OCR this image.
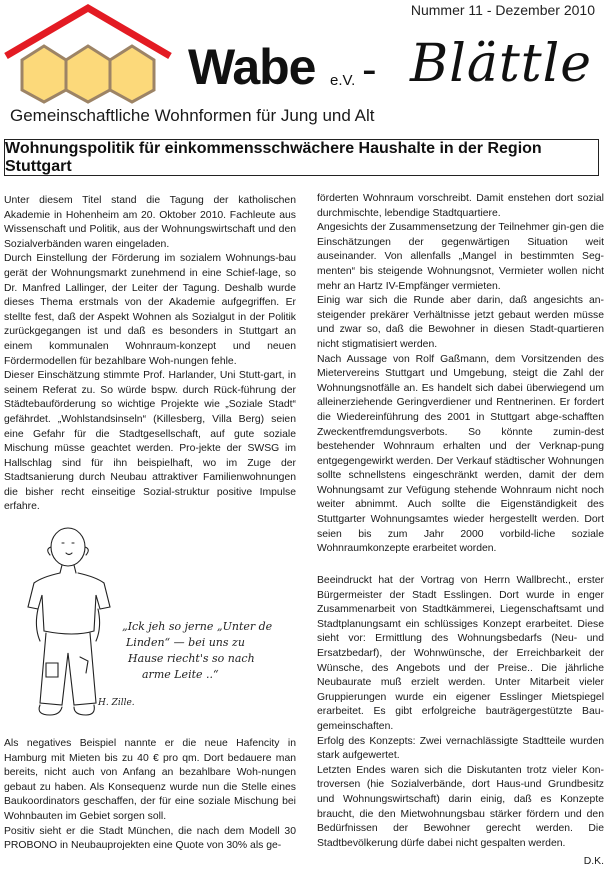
Nummer 11 - Dezember 2010
Wabe e.V. - Blättle
Gemeinschaftliche Wohnformen für Jung und Alt
Wohnungspolitik für einkommensschwächere Haushalte in der Region Stuttgart

Unter diesem Titel stand die Tagung der katholischen Akademie in Hohenheim am 20. Oktober 2010. Fachleute aus Wissenschaft und Politik, aus der Wohnungswirtschaft und den Sozialverbänden waren eingeladen.

Durch Einstellung der Förderung im sozialem Wohnungs-bau gerät der Wohnungsmarkt zunehmend in eine Schief-lage, so Dr. Manfred Lallinger, der Leiter der Tagung. Deshalb wurde dieses Thema erstmals von der Akademie aufgegriffen. Er stellte fest, daß der Aspekt Wohnen als Sozialgut in der Politik zurückgegangen ist und daß es besonders in Stuttgart an einem kommunalen Wohnraum-konzept und neuen Fördermodellen für bezahlbare Woh-nungen fehle.

Dieser Einschätzung stimmte Prof. Harlander, Uni Stutt-gart, in seinem Referat zu. So würde bspw. durch Rück-führung der Städtebauförderung so wichtige Projekte wie „Soziale Stadt“ gefährdet. „Wohlstandsinseln“ (Killesberg, Villa Berg) seien eine Gefahr für die Stadtgesellschaft, auf gute soziale Mischung müsse geachtet werden. Pro-jekte der SWSG im Hallschlag sind für ihn beispielhaft, wo im Zuge der Stadtsanierung durch Neubau attraktiver Familienwohnungen die bisher recht einseitige Sozial-struktur positive Impulse erfahre.

„Ick jeh so jerne „Unter de
Linden“ — bei uns zu
Hause riecht's so nach
arme Leite ..“
H. Zille.

Als negatives Beispiel nannte er die neue Hafencity in Hamburg mit Mieten bis zu 40 € pro qm. Dort bedauere man bereits, nicht auch von Anfang an bezahlbare Woh-nungen gebaut zu haben. Als Konsequenz wurde nun die Stelle eines Baukoordinators geschaffen, der für eine soziale Mischung bei Wohnbauten im Gebiet sorgen soll.

Positiv sieht er die Stadt München, die nach dem Modell 30 PROBONO in Neubauprojekten eine Quote von 30% als ge-

förderten Wohnraum vorschreibt. Damit enstehen dort sozial durchmischte, lebendige Stadtquartiere.

Angesichts der Zusammensetzung der Teilnehmer gin-gen die Einschätzungen der gegenwärtigen Situation weit auseinander. Von allenfalls „Mangel in bestimmten Seg-menten“ bis steigende Wohnungsnot, Vermieter wollen nicht mehr an Hartz IV-Empfänger vermieten.

Einig war sich die Runde aber darin, daß angesichts an-steigender prekärer Verhältnisse jetzt gebaut werden müsse und zwar so, daß die Bewohner in diesen Stadt-quartieren nicht stigmatisiert werden.

Nach Aussage von Rolf Gaßmann, dem Vorsitzenden des Mietervereins Stuttgart und Umgebung, steigt die Zahl der Wohnungsnotfälle an. Es handelt sich dabei überwiegend um alleinerziehende Geringverdiener und Rentnerinen. Er fordert die Wiedereinführung des 2001 in Stuttgart abge-schafften Zweckentfremdungsverbots. So könnte zumin-dest bestehender Wohnraum erhalten und der Verknap-pung entgegengewirkt werden. Der Verkauf städtischer Wohnungen sollte schnellstens eingeschränkt werden, damit der dem Wohnungsamt zur Vefügung stehende Wohnraum nicht noch weiter abnimmt. Auch sollte die Eigenständigkeit des Stuttgarter Wohnungsamtes wieder hergestellt werden. Dort seien bis zum Jahr 2000 vorbild-liche soziale Wohnraumkonzepte erarbeitet worden.

Beeindruckt hat der Vortrag von Herrn Wallbrecht., erster Bürgermeister der Stadt Esslingen. Dort wurde in enger Zusammenarbeit von Stadtkämmerei, Liegenschaftsamt und Stadtplanungsamt ein schlüssiges Konzept erarbeitet. Diese sieht vor: Ermittlung des Wohnungsbedarfs (Neu- und Ersatzbedarf), der Wohnwünsche, der Erreichbarkeit der Wünsche, des Angebots und der Preise.. Die jährliche Neubaurate muß erzielt werden. Unter Mitarbeit vieler Gruppierungen wurde ein eigener Esslinger Mietspiegel erarbeitet. Es gibt erfolgreiche bauträgergestützte Bau-gemeinschaften.

Erfolg des Konzepts: Zwei vernachlässigte Stadtteile wurden stark aufgewertet.

Letzten Endes waren sich die Diskutanten trotz vieler Kon-troversen (hie Sozialverbände, dort Haus-und Grundbesitz und Wohnungswirtschaft) darin einig, daß es Konzepte braucht, die den Mietwohnungsbau stärker fördern und den Bedürfnissen der Bewohner gerecht werden. Die Stadtbevölkerung dürfe dabei nicht gespalten werden.

D.K.
